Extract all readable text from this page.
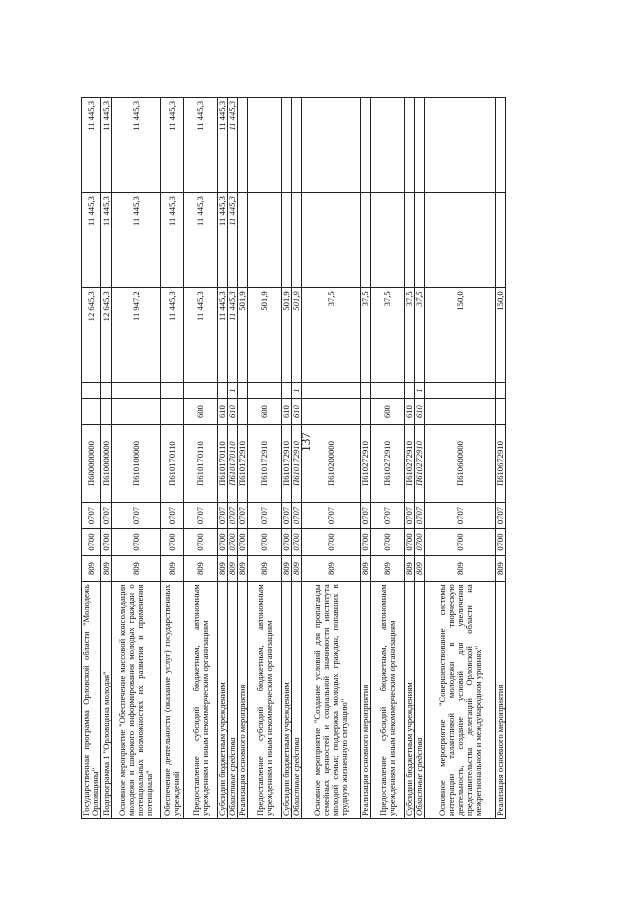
137
Государственная программа Орловской области "Молодежь Орловщины"	809	0700	0707	П600000000			12 645,3	11 445,3	11 445,3
Подпрограмма 1 "Орловщина молодая"	809	0700	0707	П610000000			12 645,3	11 445,3	11 445,3
Основное мероприятие "Обеспечение массовой консолидации молодежи и широкого информирования молодых граждан о потенциальных возможностях их развития и применения потенциала"	809	0700	0707	П610100000			11 947,2	11 445,3	11 445,3
Обеспечение деятельности (оказание услуг) государственных учреждений	809	0700	0707	П610170110			11 445,3	11 445,3	11 445,3
Предоставление субсидий бюджетным, автономным учреждениям и иным некоммерческим организациям	809	0700	0707	П610170110	600		11 445,3	11 445,3	11 445,3
Субсидии бюджетным учреждениям	809	0700	0707	П610170110	610		11 445,3	11 445,3	11 445,3
Областные средства	809	0700	0707	П610170110	610	1	11 445,3	11 445,3	11 445,3
Реализация основного мероприятия	809	0700	0707	П610172910			501,9		
Предоставление субсидий бюджетным, автономным учреждениям и иным некоммерческим организациям	809	0700	0707	П610172910	600		501,9		
Субсидии бюджетным учреждениям	809	0700	0707	П610172910	610		501,9		
Областные средства	809	0700	0707	П610172910	610	1	501,9		
Основное мероприятие "Создание условий для пропаганды семейных ценностей и социальной значимости института молодой семьи; поддержка молодых граждан, попавших в трудную жизненную ситуацию"	809	0700	0707	П610200000			37,5		
Реализация основного мероприятия	809	0700	0707	П610272910			37,5		
Предоставление субсидий бюджетным, автономным учреждениям и иным некоммерческим организациям	809	0700	0707	П610272910	600		37,5		
Субсидии бюджетным учреждениям	809	0700	0707	П610272910	610		37,5		
Областные средства	809	0700	0707	П610272910	610	1	37,5		
Основное мероприятие "Совершенствование системы интеграции талантливой молодежи в творческую деятельность, создание условий для увеличения представительства делегаций Орловской области на межрегиональном и международном уровнях"	809	0700	0707	П610600000			150,0		
Реализация основного мероприятия	809	0700	0707	П610672910			150,0		
